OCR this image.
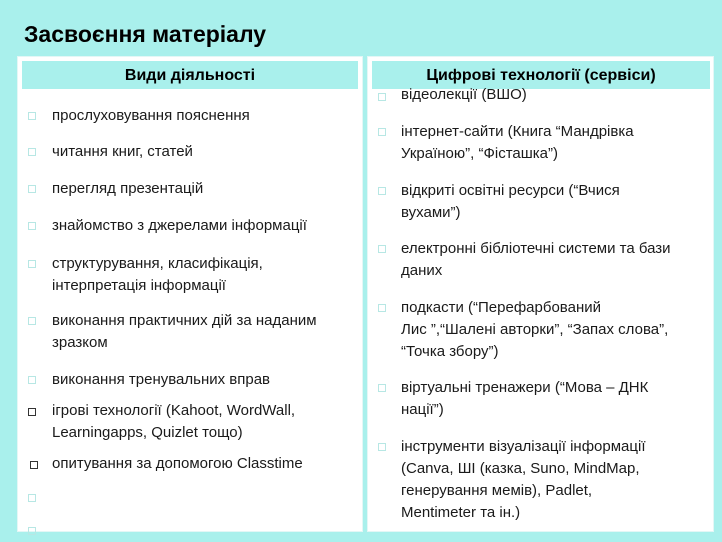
Засвоєння матеріалу
Види діяльності
прослуховування пояснення
читання книг, статей
перегляд презентацій
знайомство з джерелами інформації
структурування, класифікація,
інтерпретація інформації
виконання практичних дій за наданим
зразком
виконання тренувальних вправ
ігрові технології (Kahoot, WordWall,
Learningapps, Quizlet тощо)
опитування за допомогою Classtime
Цифрові технології (сервіси)
відеолекції (ВШО)
інтернет-сайти (Книга “Мандрівка
Україною”, “Фісташка”)
відкриті освітні ресурси (“Вчися
вухами”)
електронні бібліотечні системи та бази
даних
подкасти (“Перефарбований
Лис ”,“Шалені авторки”, “Запах слова”,
“Точка збору”)
віртуальні тренажери (“Мова – ДНК
нації”)
інструменти візуалізації інформації
(Canva, ШІ (казка, Suno, MindMap,
генерування мемів), Padlet,
Mentimeter та ін.)
